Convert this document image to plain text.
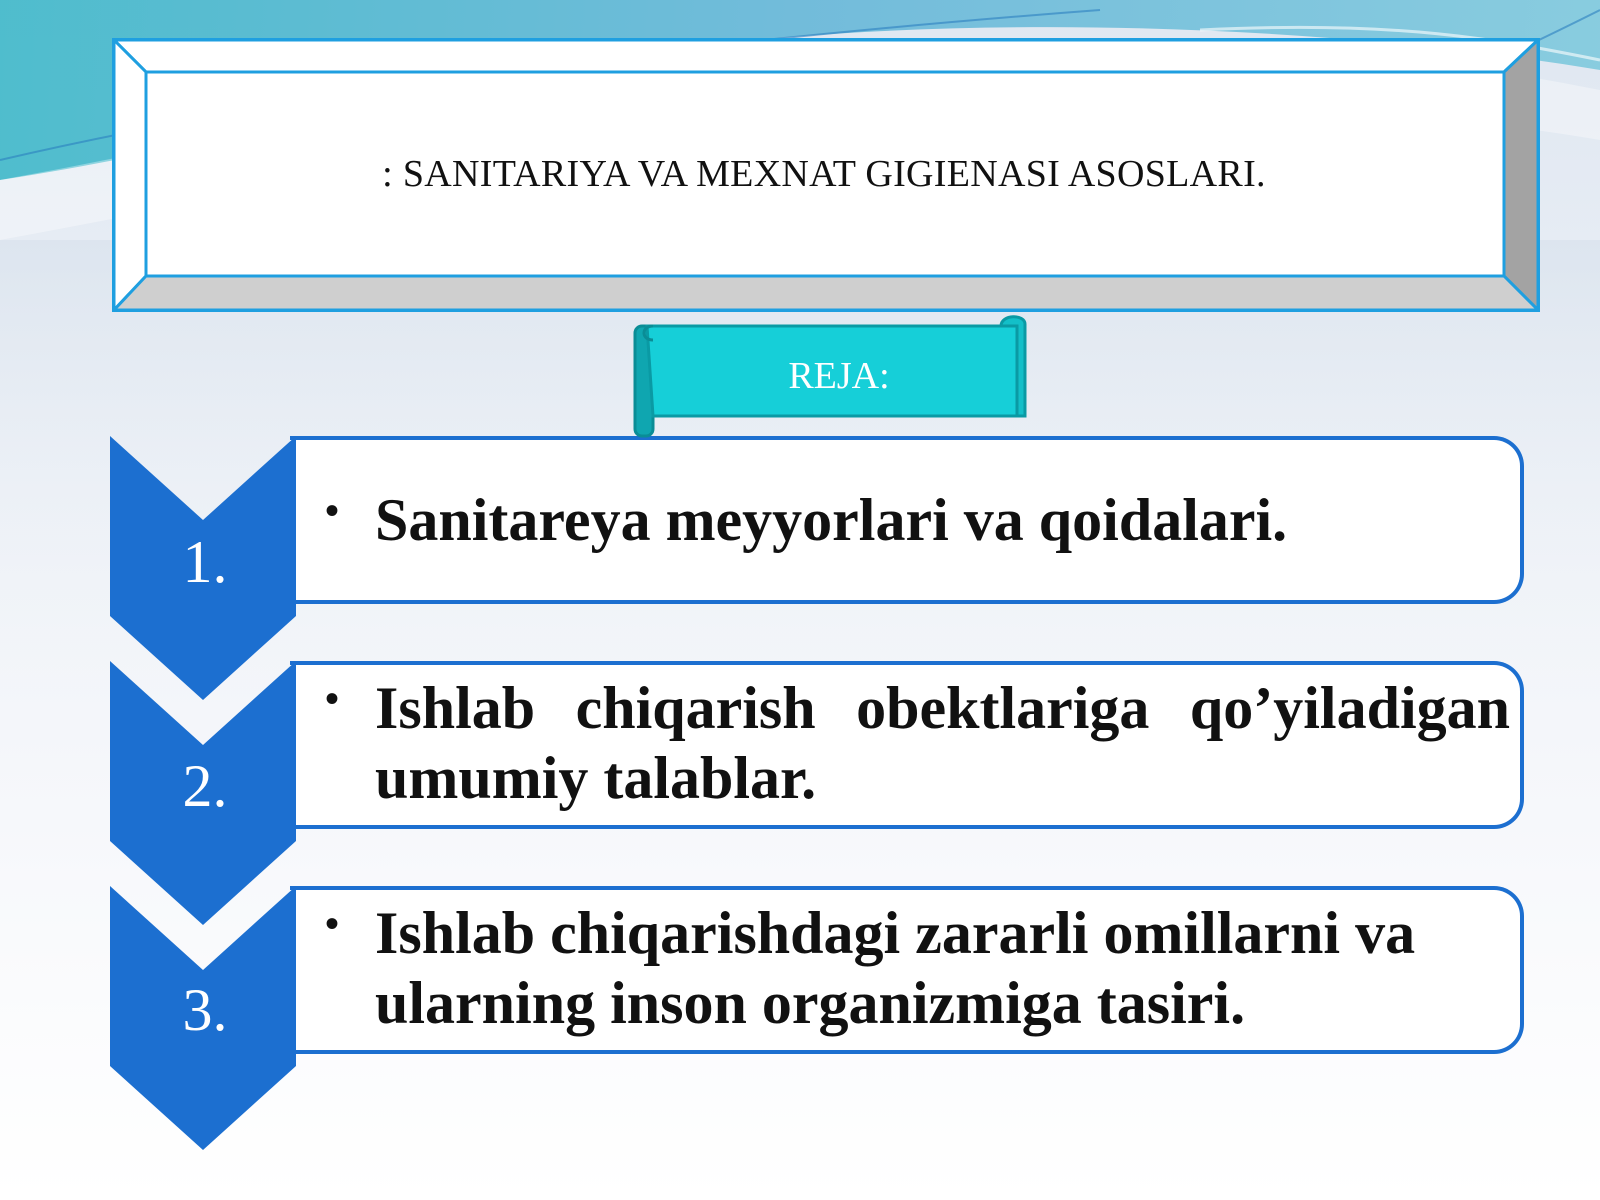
: SANITARIYA VA MEXNAT GIGIENASI ASOSLARI.
REJA:
1.
• Sanitareya meyyorlari va qoidalari.
2.
• Ishlab chiqarish obektlariga qo’yiladigan umumiy talablar.
3.
• Ishlab chiqarishdagi zararli omillarni va ularning inson organizmiga tasiri.
